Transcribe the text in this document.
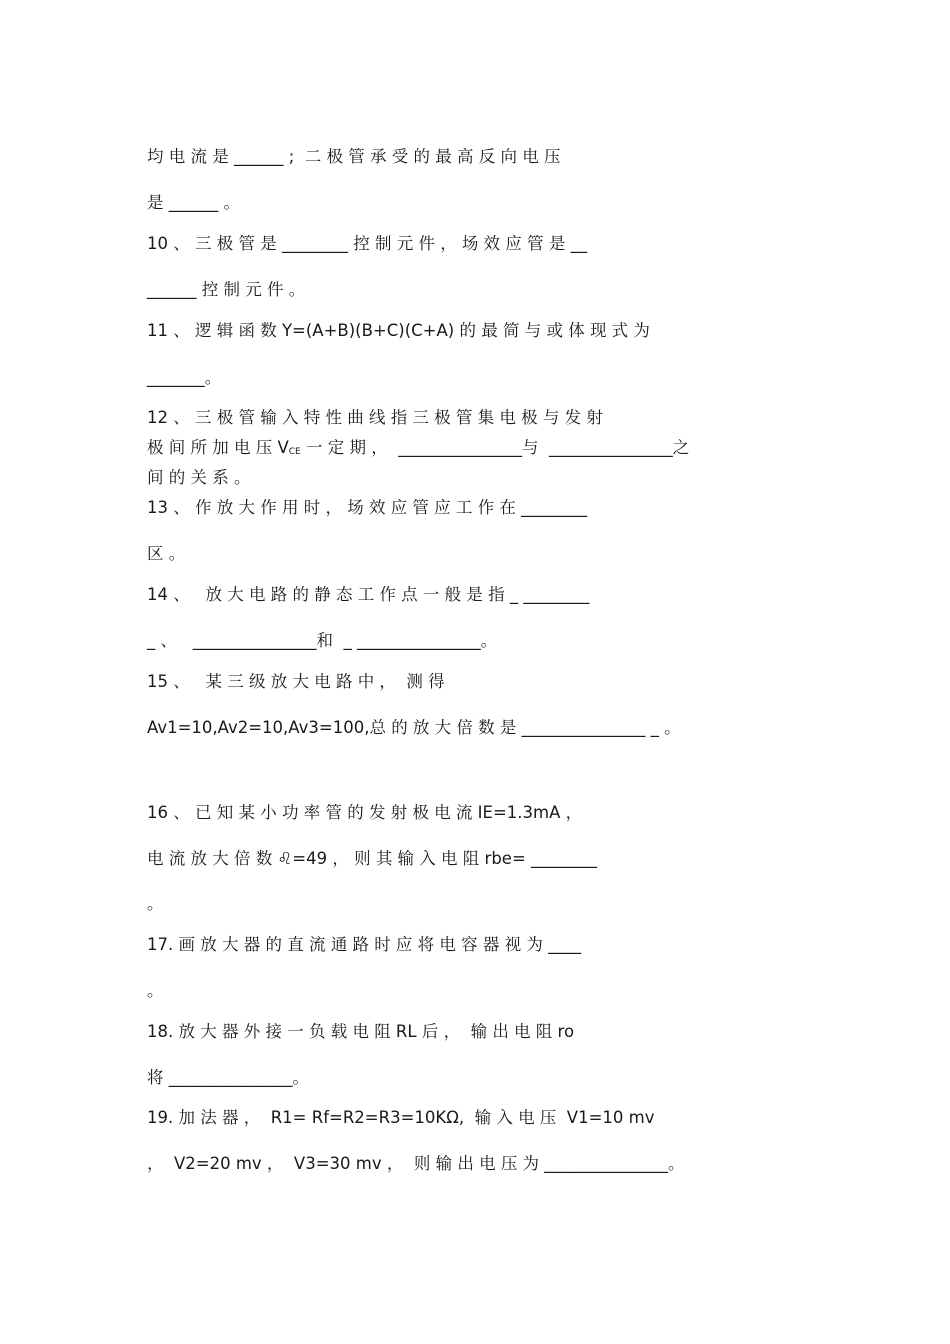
均 电 流 是 ______ ;  二 极 管 承 受 的 最 高 反 向 电 压
是 ______ 。
10 、 三 极 管 是 ________ 控 制 元 件 ， 场 效 应 管 是 __
______ 控 制 元 件 。
11 、 逻 辑 函 数 Y=(A+B)(B+C)(C+A) 的 最 简 与 或 体 现 式 为
_______。
12 、 三 极 管 输 入 特 性 曲 线 指 三 极 管 集 电 极 与 发 射
极 间 所 加 电 压 VCE 一 定 期 ，  _______________与  _______________之
间 的 关 系 。
13 、 作 放 大 作 用 时 ， 场 效 应 管 应 工 作 在 ________
区 。
14 、   放 大 电 路 的 静 态 工 作 点 一 般 是 指 _ ________
_ 、   _______________和  _ _______________。
15 、   某 三 级 放 大 电 路 中 ，  测 得
Av1=10,Av2=10,Av3=100,总 的 放 大 倍 数 是 _______________ _ 。
16 、 已 知 某 小 功 率 管 的 发 射 极 电 流 IE=1.3mA ，
电 流 放 大 倍 数 ♌=49 ， 则 其 输 入 电 阻 rbe= ________
。
17. 画 放 大 器 的 直 流 通 路 时 应 将 电 容 器 视 为 ____
。
18. 放 大 器 外 接 一 负 载 电 阻 RL 后 ，  输 出 电 阻 ro
将 _______________。
19. 加 法 器 ，  R1= Rf=R2=R3=10KΩ,  输 入 电 压  V1=10 mv
，  V2=20 mv ，  V3=30 mv ，  则 输 出 电 压 为 _______________。
